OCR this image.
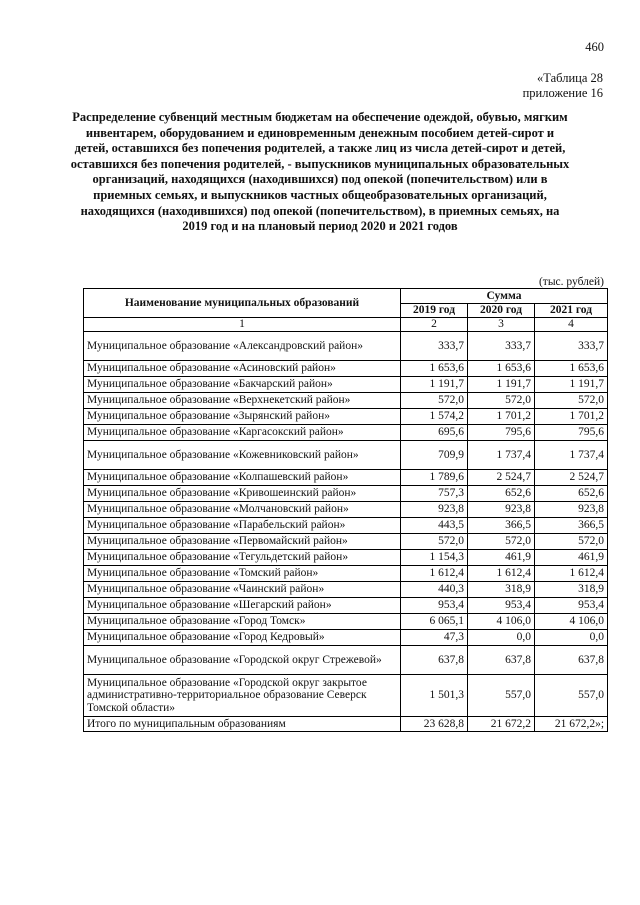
460
«Таблица 28
приложение 16
Распределение субвенций местным бюджетам на обеспечение одеждой, обувью, мягким инвентарем, оборудованием и единовременным денежным пособием детей-сирот и детей, оставшихся без попечения родителей, а также лиц из числа детей-сирот и детей, оставшихся без попечения родителей, - выпускников муниципальных образовательных организаций, находящихся (находившихся) под опекой (попечительством) или в приемных семьях, и выпускников частных общеобразовательных организаций, находящихся (находившихся) под опекой (попечительством), в приемных семьях, на 2019 год и на плановый период 2020 и 2021 годов
(тыс. рублей)
Наименование муниципальных образований	Сумма		
	2019 год	2020 год	2021 год
1	2	3	4
Муниципальное образование «Александровский район»	333,7	333,7	333,7
Муниципальное образование «Асиновский район»	1 653,6	1 653,6	1 653,6
Муниципальное образование «Бакчарский район»	1 191,7	1 191,7	1 191,7
Муниципальное образование «Верхнекетский район»	572,0	572,0	572,0
Муниципальное образование «Зырянский район»	1 574,2	1 701,2	1 701,2
Муниципальное образование «Каргасокский район»	695,6	795,6	795,6
Муниципальное образование «Кожевниковский район»	709,9	1 737,4	1 737,4
Муниципальное образование «Колпашевский район»	1 789,6	2 524,7	2 524,7
Муниципальное образование «Кривошеинский район»	757,3	652,6	652,6
Муниципальное образование «Молчановский район»	923,8	923,8	923,8
Муниципальное образование «Парабельский район»	443,5	366,5	366,5
Муниципальное образование «Первомайский район»	572,0	572,0	572,0
Муниципальное образование «Тегульдетский район»	1 154,3	461,9	461,9
Муниципальное образование «Томский район»	1 612,4	1 612,4	1 612,4
Муниципальное образование «Чаинский район»	440,3	318,9	318,9
Муниципальное образование «Шегарский район»	953,4	953,4	953,4
Муниципальное образование «Город Томск»	6 065,1	4 106,0	4 106,0
Муниципальное образование «Город Кедровый»	47,3	0,0	0,0
Муниципальное образование «Городской округ Стрежевой»	637,8	637,8	637,8
Муниципальное образование «Городской округ закрытое административно-территориальное образование Северск Томской области»	1 501,3	557,0	557,0
Итого по муниципальным образованиям	23 628,8	21 672,2	21 672,2»;
